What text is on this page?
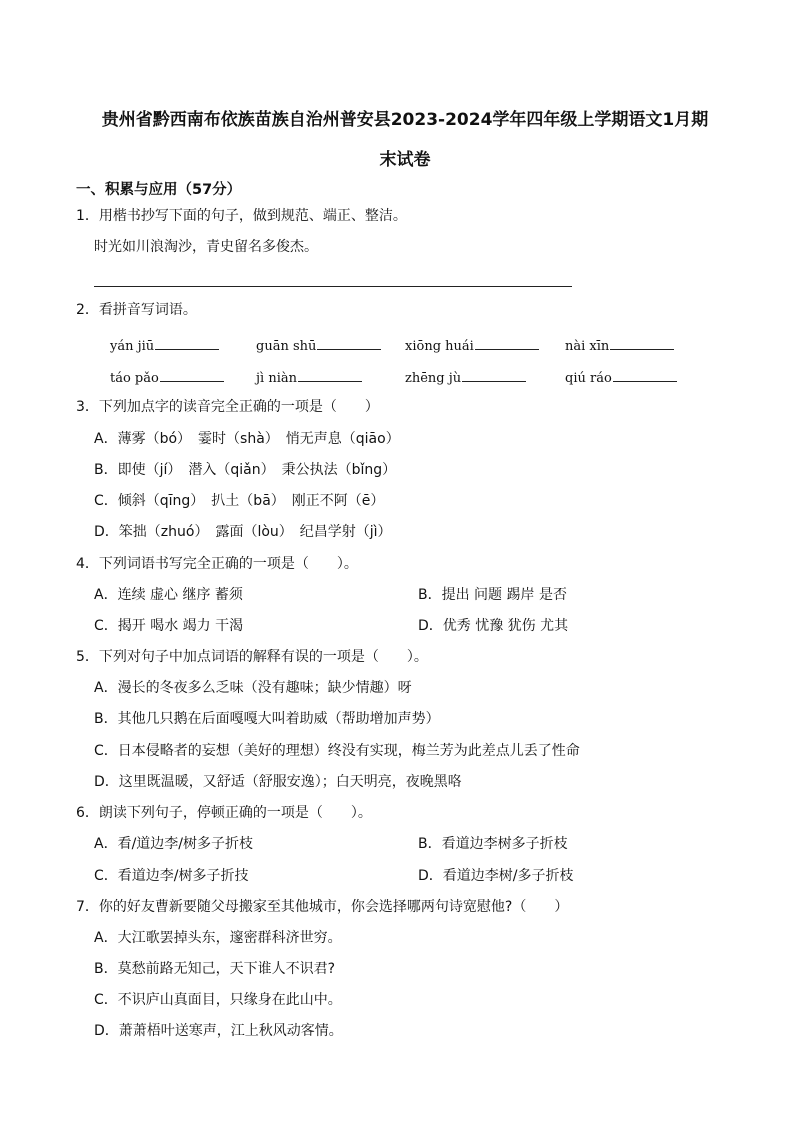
贵州省黔西南布依族苗族自治州普安县2023-2024学年四年级上学期语文1月期
末试卷
一、积累与应用（57分）
1．用楷书抄写下面的句子，做到规范、端正、整洁。
时光如川浪淘沙，青史留名多俊杰。
2．看拼音写词语。
yán jiū	guān shū	xiōng huái	nài xīn
táo pǎo	jì niàn	zhēng jù	qiú ráo
3．下列加点字的读音完全正确的一项是（　　）
A．薄雾（bó）　霎时（shà）　悄无声息（qiāo）
B．即使（jí）　潜入（qiǎn）　秉公执法（bǐng）
C．倾斜（qīng）　扒土（bā）　刚正不阿（ē）
D．笨拙（zhuó）　露面（lòu）　纪昌学射（jì）
4．下列词语书写完全正确的一项是（　　）。
A．连续 虚心 继序 蓄须	B．提出 问题 踢岸 是否
C．揭开 喝水 竭力 干渴	D．优秀 忧豫 犹伤 尤其
5．下列对句子中加点词语的解释有误的一项是（　　）。
A．漫长的冬夜多么乏味（没有趣味；缺少情趣）呀
B．其他几只鹅在后面嘎嘎大叫着助威（帮助增加声势）
C．日本侵略者的妄想（美好的理想）终没有实现，梅兰芳为此差点儿丢了性命
D．这里既温暖，又舒适（舒服安逸）；白天明亮，夜晚黑咯
6．朗读下列句子，停顿正确的一项是（　　）。
A．看/道边李/树多子折枝	B．看道边李树多子折枝
C．看道边李/树多子折技	D．看道边李树/多子折枝
7．你的好友曹新要随父母搬家至其他城市，你会选择哪两句诗宽慰他?（　　）
A．大江歌罢掉头东，邃密群科济世穷。
B．莫愁前路无知己，天下谁人不识君?
C．不识庐山真面目，只缘身在此山中。
D．萧萧梧叶送寒声，江上秋风动客情。
